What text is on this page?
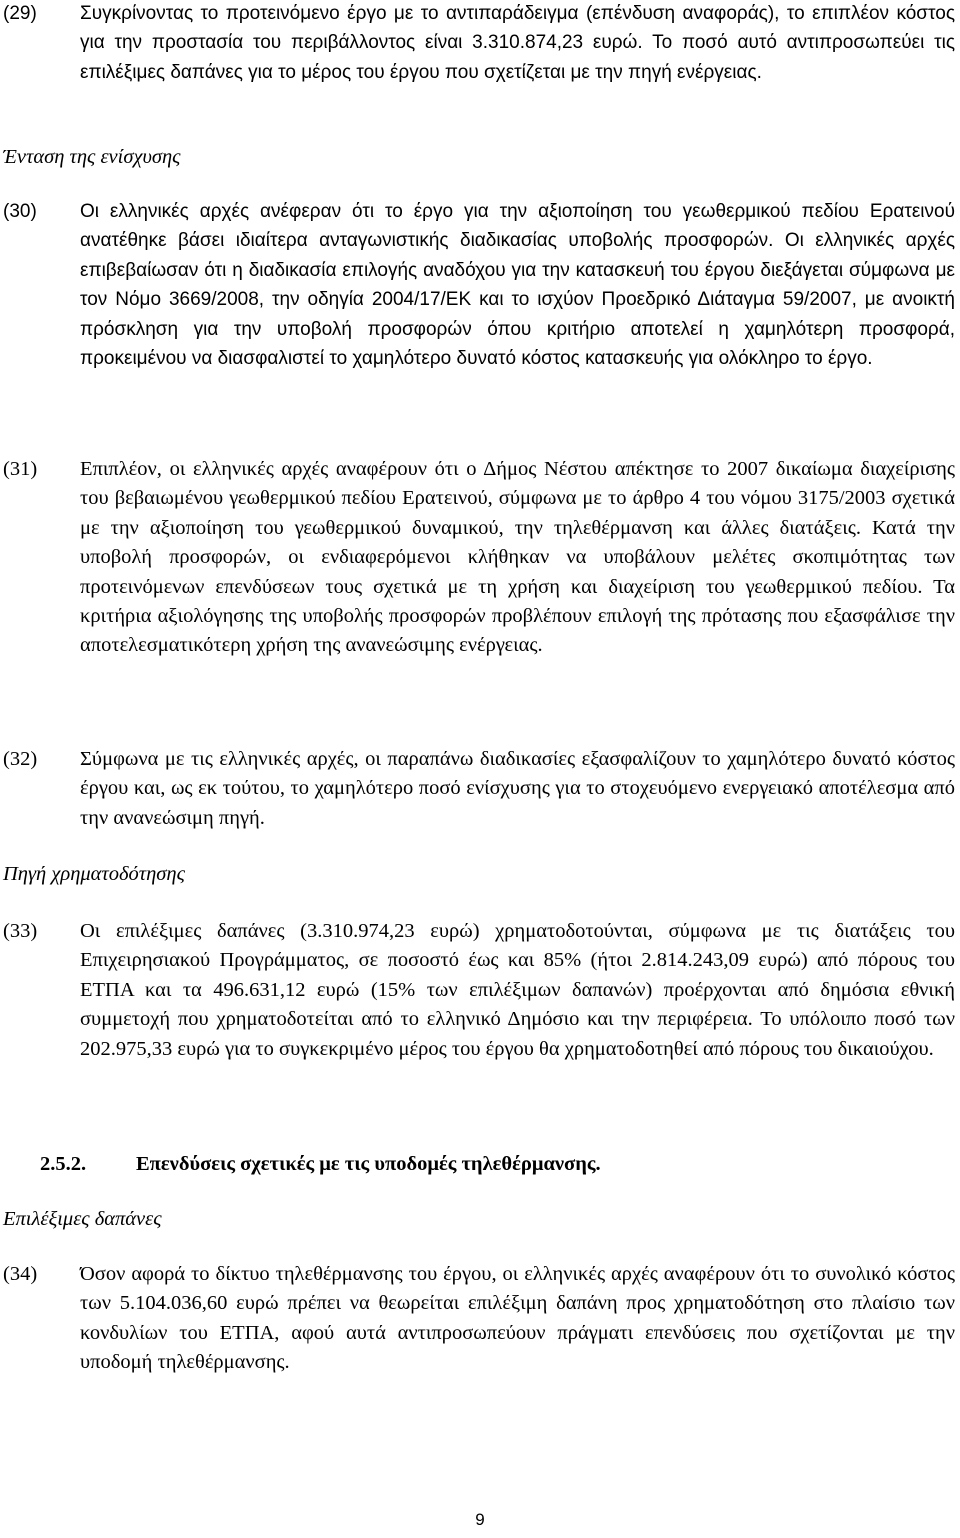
(29)	Συγκρίνοντας το προτεινόμενο έργο με το αντιπαράδειγμα (επένδυση αναφοράς), το επιπλέον κόστος για την προστασία του περιβάλλοντος είναι 3.310.874,23 ευρώ. Το ποσό αυτό αντιπροσωπεύει τις επιλέξιμες δαπάνες για το μέρος του έργου που σχετίζεται με την πηγή ενέργειας.
Ένταση της ενίσχυσης
(30)	Οι ελληνικές αρχές ανέφεραν ότι το έργο για την αξιοποίηση του γεωθερμικού πεδίου Ερατεινού ανατέθηκε βάσει ιδιαίτερα ανταγωνιστικής διαδικασίας υποβολής προσφορών. Οι ελληνικές αρχές επιβεβαίωσαν ότι η διαδικασία επιλογής αναδόχου για την κατασκευή του έργου διεξάγεται σύμφωνα με τον Νόμο 3669/2008, την οδηγία 2004/17/ΕΚ και το ισχύον Προεδρικό Διάταγμα 59/2007, με ανοικτή πρόσκληση για την υποβολή προσφορών όπου κριτήριο αποτελεί η χαμηλότερη προσφορά, προκειμένου να διασφαλιστεί το χαμηλότερο δυνατό κόστος κατασκευής για ολόκληρο το έργο.
(31)	Επιπλέον, οι ελληνικές αρχές αναφέρουν ότι ο Δήμος Νέστου απέκτησε το 2007 δικαίωμα διαχείρισης του βεβαιωμένου γεωθερμικού πεδίου Ερατεινού, σύμφωνα με το άρθρο 4 του νόμου 3175/2003 σχετικά με την αξιοποίηση του γεωθερμικού δυναμικού, την τηλεθέρμανση και άλλες διατάξεις. Κατά την υποβολή προσφορών, οι ενδιαφερόμενοι κλήθηκαν να υποβάλουν μελέτες σκοπιμότητας των προτεινόμενων επενδύσεων τους σχετικά με τη χρήση και διαχείριση του γεωθερμικού πεδίου. Τα κριτήρια αξιολόγησης της υποβολής προσφορών προβλέπουν επιλογή της πρότασης που εξασφάλισε την αποτελεσματικότερη χρήση της ανανεώσιμης ενέργειας.
(32)	Σύμφωνα με τις ελληνικές αρχές, οι παραπάνω διαδικασίες εξασφαλίζουν το χαμηλότερο δυνατό κόστος έργου και, ως εκ τούτου, το χαμηλότερο ποσό ενίσχυσης για το στοχευόμενο ενεργειακό αποτέλεσμα από την ανανεώσιμη πηγή.
Πηγή χρηματοδότησης
(33)	Οι επιλέξιμες δαπάνες (3.310.974,23 ευρώ) χρηματοδοτούνται, σύμφωνα με τις διατάξεις του Επιχειρησιακού Προγράμματος, σε ποσοστό έως και 85% (ήτοι 2.814.243,09 ευρώ) από πόρους του ΕΤΠΑ και τα 496.631,12 ευρώ (15% των επιλέξιμων δαπανών) προέρχονται από δημόσια εθνική συμμετοχή που χρηματοδοτείται από το ελληνικό Δημόσιο και την περιφέρεια. Το υπόλοιπο ποσό των 202.975,33 ευρώ για το συγκεκριμένο μέρος του έργου θα χρηματοδοτηθεί από πόρους του δικαιούχου.
2.5.2.	Επενδύσεις σχετικές με τις υποδομές τηλεθέρμανσης.
Επιλέξιμες δαπάνες
(34)	Όσον αφορά το δίκτυο τηλεθέρμανσης του έργου, οι ελληνικές αρχές αναφέρουν ότι το συνολικό κόστος των 5.104.036,60 ευρώ πρέπει να θεωρείται επιλέξιμη δαπάνη προς χρηματοδότηση στο πλαίσιο των κονδυλίων του ΕΤΠΑ, αφού αυτά αντιπροσωπεύουν πράγματι επενδύσεις που σχετίζονται με την υποδομή τηλεθέρμανσης.
9
